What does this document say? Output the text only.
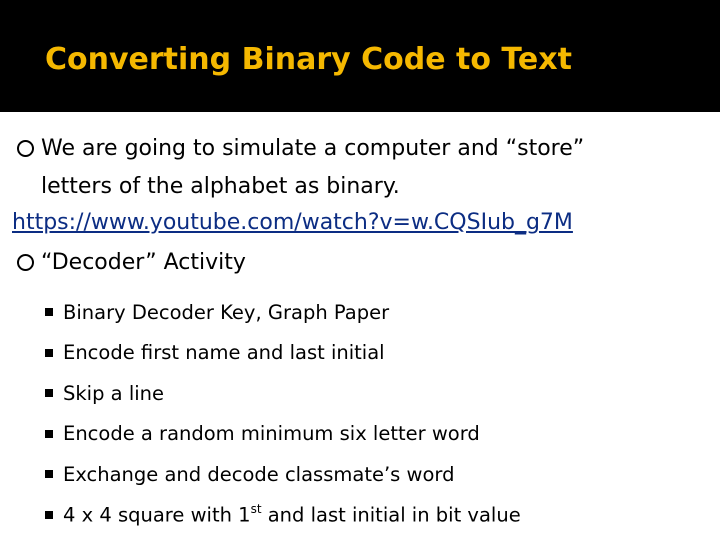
Converting Binary Code to Text
We are going to simulate a computer and “store”
letters of the alphabet as binary.
https://www.youtube.com/watch?v=w.CQSIub_g7M
“Decoder” Activity
Binary Decoder Key, Graph Paper
Encode first name and last initial
Skip a line
Encode a random minimum six letter word
Exchange and decode classmate’s word
4 x 4 square with 1st and last initial in bit value
